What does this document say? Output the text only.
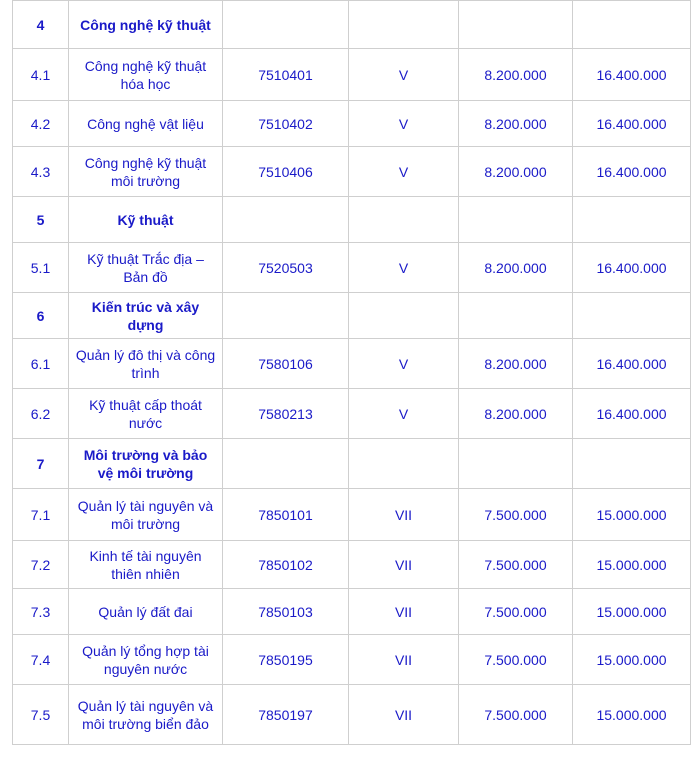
4	Công nghệ kỹ thuật				
4.1	Công nghệ kỹ thuật hóa học	7510401	V	8.200.000	16.400.000
4.2	Công nghệ vật liệu	7510402	V	8.200.000	16.400.000
4.3	Công nghệ kỹ thuật môi trường	7510406	V	8.200.000	16.400.000
5	Kỹ thuật				
5.1	Kỹ thuật Trắc địa – Bản đồ	7520503	V	8.200.000	16.400.000
6	Kiến trúc và xây dựng				
6.1	Quản lý đô thị và công trình	7580106	V	8.200.000	16.400.000
6.2	Kỹ thuật cấp thoát nước	7580213	V	8.200.000	16.400.000
7	Môi trường và bảo vệ môi trường				
7.1	Quản lý tài nguyên và môi trường	7850101	VII	7.500.000	15.000.000
7.2	Kinh tế tài nguyên thiên nhiên	7850102	VII	7.500.000	15.000.000
7.3	Quản lý đất đai	7850103	VII	7.500.000	15.000.000
7.4	Quản lý tổng hợp tài nguyên nước	7850195	VII	7.500.000	15.000.000
7.5	Quản lý tài nguyên và môi trường biển đảo	7850197	VII	7.500.000	15.000.000
